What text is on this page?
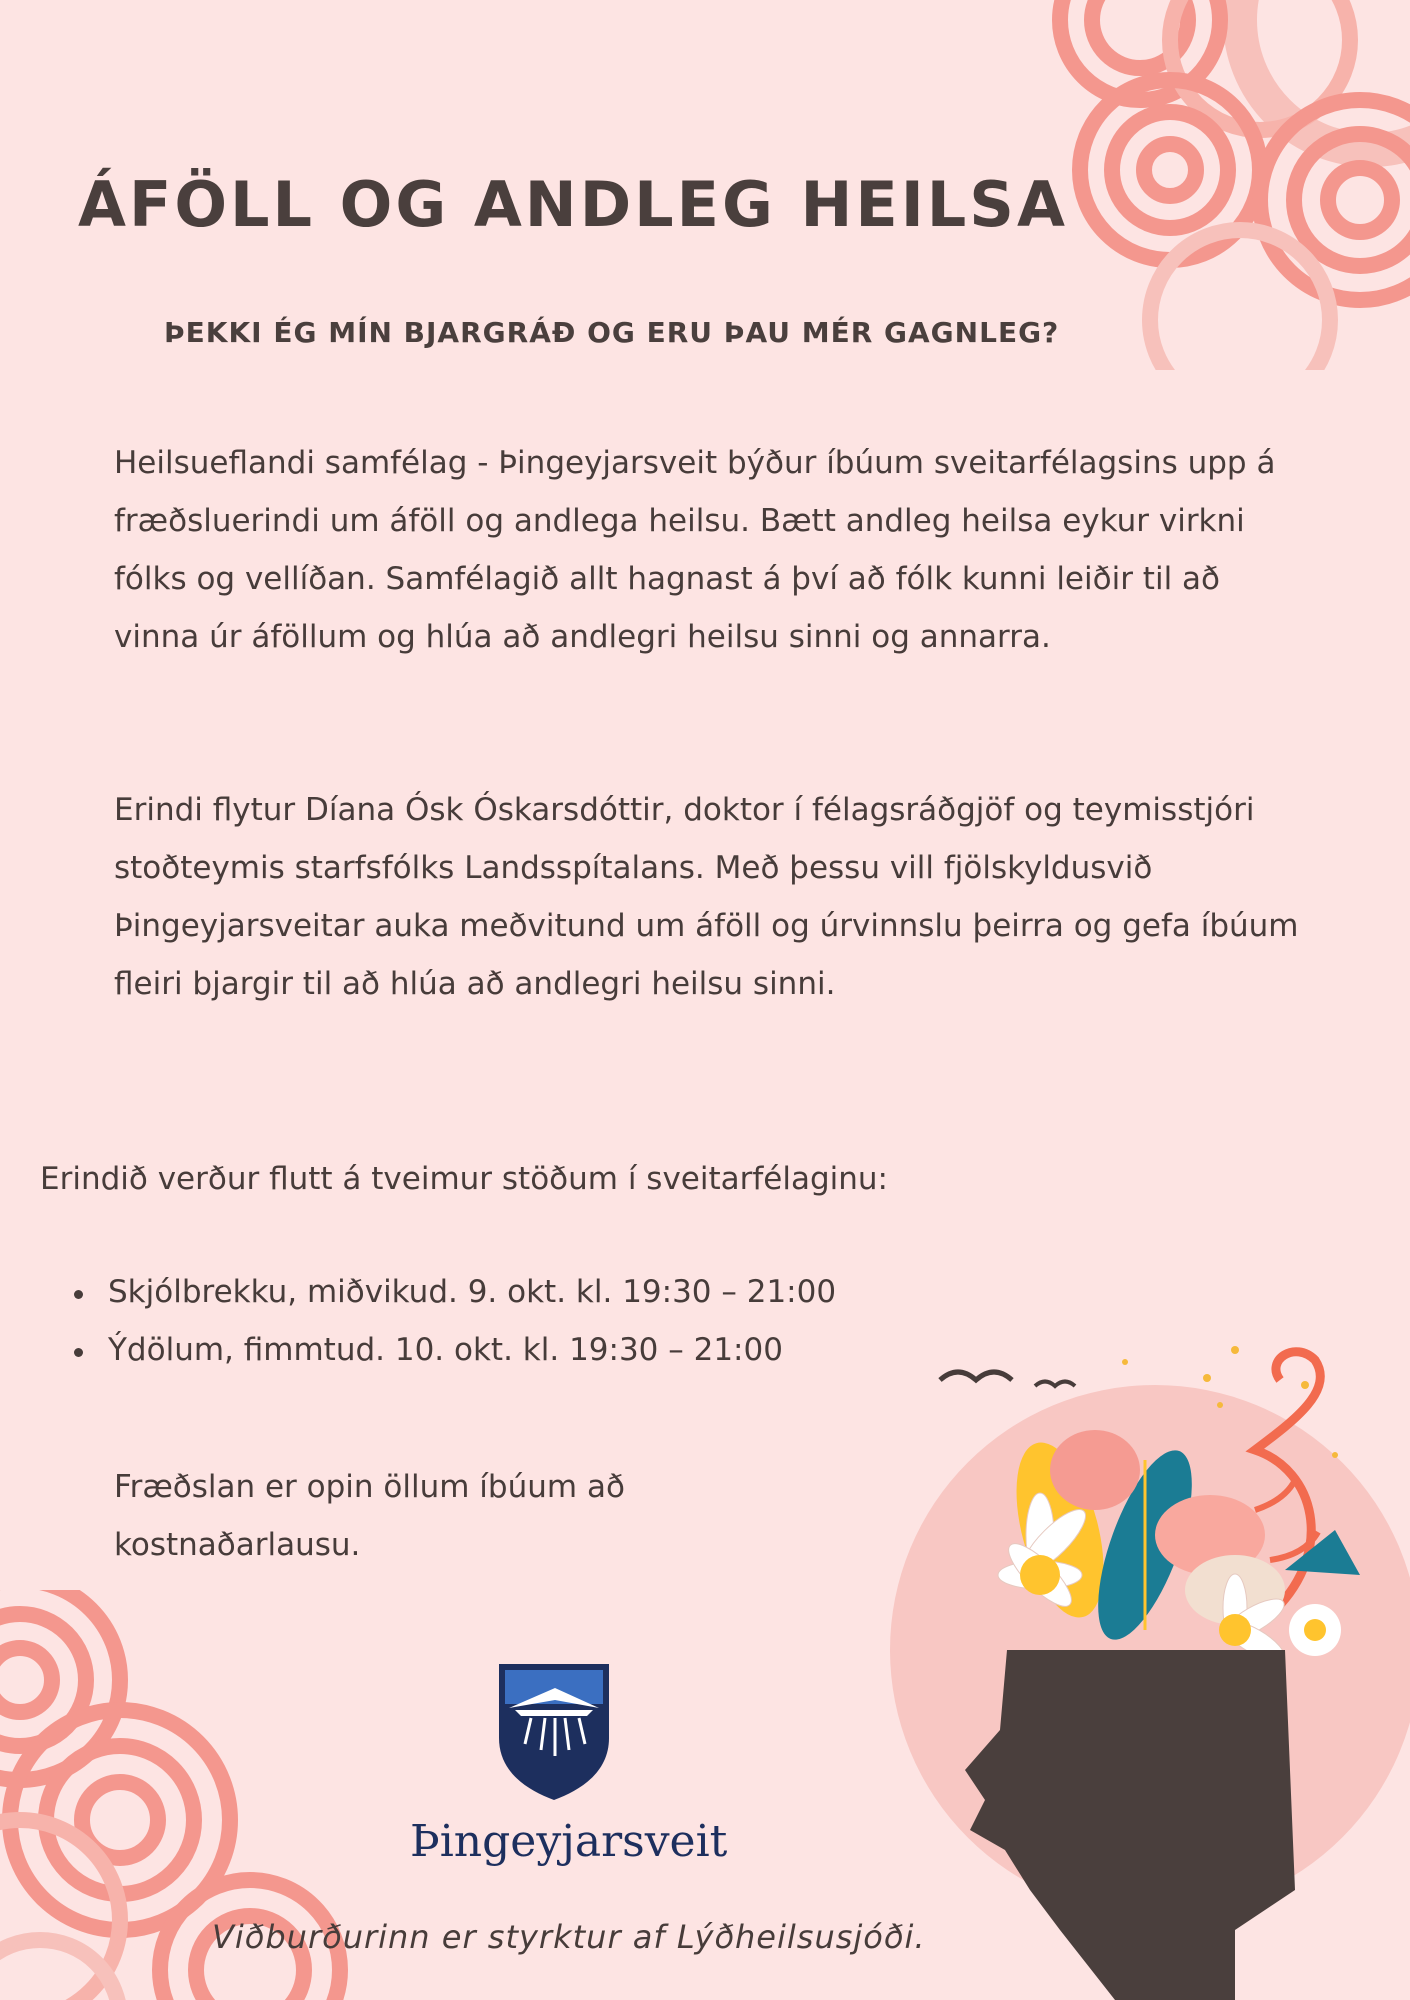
ÁFÖLL OG ANDLEG HEILSA
ÞEKKI ÉG MÍN BJARGRÁÐ OG ERU ÞAU MÉR GAGNLEG?

Heilsueflandi samfélag - Þingeyjarsveit býður íbúum sveitarfélagsins upp á fræðsluerindi um áföll og andlega heilsu. Bætt andleg heilsa eykur virkni fólks og vellíðan. Samfélagið allt hagnast á því að fólk kunni leiðir til að vinna úr áföllum og hlúa að andlegri heilsu sinni og annarra.

Erindi flytur Díana Ósk Óskarsdóttir, doktor í félagsráðgjöf og teymisstjóri stoðteymis starfsfólks Landsspítalans. Með þessu vill fjölskyldusvið Þingeyjarsveitar auka meðvitund um áföll og úrvinnslu þeirra og gefa íbúum fleiri bjargir til að hlúa að andlegri heilsu sinni.

Erindið verður flutt á tveimur stöðum í sveitarfélaginu:

Skjólbrekku, miðvikud. 9. okt. kl. 19:30 – 21:00
Ýdölum, fimmtud. 10. okt. kl. 19:30 – 21:00

Fræðslan er opin öllum íbúum að kostnaðarlausu.

Þingeyjarsveit

Viðburðurinn er styrktur af Lýðheilsusjóði.
